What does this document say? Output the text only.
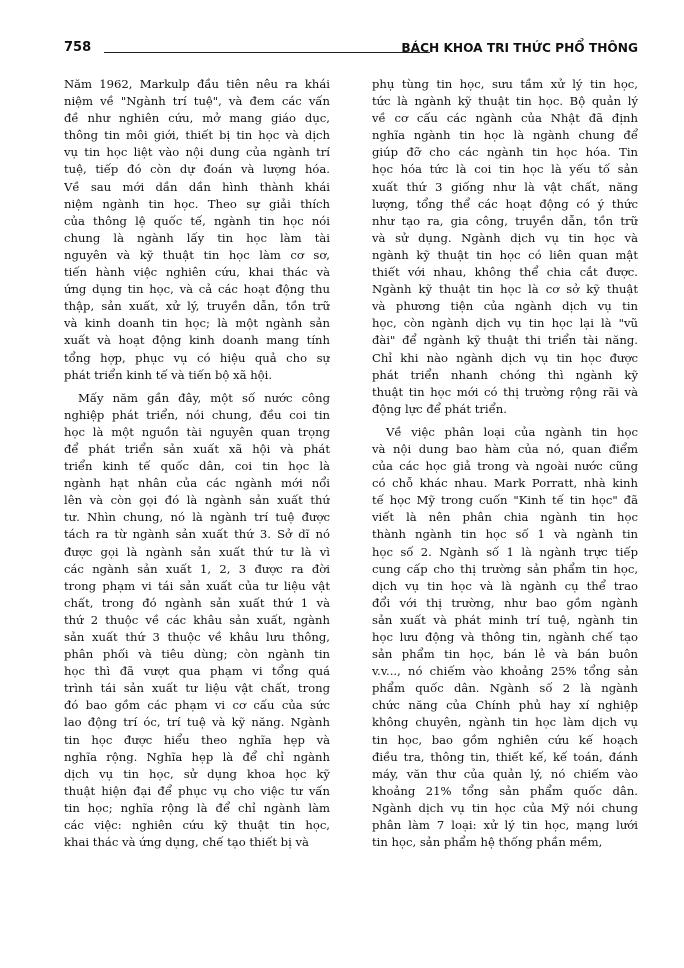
758	BÁCH KHOA TRI THỨC PHỔ THÔNG
Năm 1962, Markulp đầu tiên nêu ra khái
niệm về "Ngành trí tuệ", và đem các vấn
đề như nghiên cứu, mở mang giáo dục,
thông tin môi giới, thiết bị tin học và dịch
vụ tin học liệt vào nội dung của ngành trí
tuệ, tiếp đó còn dự đoán và lượng hóa.
Về sau mới dần dần hình thành khái
niệm ngành tin học. Theo sự giải thích
của thông lệ quốc tế, ngành tin học nói
chung là ngành lấy tin học làm tài
nguyên và kỹ thuật tin học làm cơ sơ,
tiến hành việc nghiên cứu, khai thác và
ứng dụng tin học, và cả các hoạt động thu
thập, sản xuất, xử lý, truyền dẫn, tồn trữ
và kinh doanh tin học; là một ngành sản
xuất và hoạt động kinh doanh mang tính
tổng hợp, phục vụ có hiệu quả cho sự
phát triển kinh tế và tiến bộ xã hội.
Mấy năm gần đây, một số nước công
nghiệp phát triển, nói chung, đều coi tin
học là một nguồn tài nguyên quan trọng
để phát triển sản xuất xã hội và phát
triển kinh tế quốc dân, coi tin học là
ngành hạt nhân của các ngành mới nổi
lên và còn gọi đó là ngành sản xuất thứ
tư. Nhìn chung, nó là ngành trí tuệ được
tách ra từ ngành sản xuất thứ 3. Sở dĩ nó
được gọi là ngành sản xuất thứ tư là vì
các ngành sản xuất 1, 2, 3 được ra đời
trong phạm vi tái sản xuất của tư liệu vật
chất, trong đó ngành sản xuất thứ 1 và
thứ 2 thuộc về các khâu sản xuất, ngành
sản xuất thứ 3 thuộc về khâu lưu thông,
phân phối và tiêu dùng; còn ngành tin
học thì đã vượt qua phạm vi tổng quá
trình tái sản xuất tư liệu vật chất, trong
đó bao gồm các phạm vi cơ cấu của sức
lao động trí óc, trí tuệ và kỹ năng. Ngành
tin học được hiểu theo nghĩa hẹp và
nghĩa rộng. Nghĩa hẹp là để chỉ ngành
dịch vụ tin học, sử dụng khoa học kỹ
thuật hiện đại để phục vụ cho việc tư vấn
tin học; nghĩa rộng là để chỉ ngành làm
các việc: nghiên cứu kỹ thuật tin học,
khai thác và ứng dụng, chế tạo thiết bị và
phụ tùng tin học, sưu tầm xử lý tin học,
tức là ngành kỹ thuật tin học. Bộ quản lý
về cơ cấu các ngành của Nhật đã định
nghĩa ngành tin học là ngành chung để
giúp đỡ cho các ngành tin học hóa. Tin
học hóa tức là coi tin học là yếu tố sản
xuất thứ 3 giống như là vật chất, năng
lượng, tổng thể các hoạt động có ý thức
như tạo ra, gia công, truyền dẫn, tồn trữ
và sử dụng. Ngành dịch vụ tin học và
ngành kỹ thuật tin học có liên quan mật
thiết với nhau, không thể chia cắt được.
Ngành kỹ thuật tin học là cơ sở kỹ thuật
và phương tiện của ngành dịch vụ tin
học, còn ngành dịch vụ tin học lại là "vũ
đài" để ngành kỹ thuật thi triển tài năng.
Chỉ khi nào ngành dịch vụ tin học được
phát triển nhanh chóng thì ngành kỹ
thuật tin học mới có thị trường rộng rãi và
động lực để phát triển.
Về việc phân loại của ngành tin học
và nội dung bao hàm của nó, quan điểm
của các học giả trong và ngoài nước cũng
có chỗ khác nhau. Mark Porratt, nhà kinh
tế học Mỹ trong cuốn "Kinh tế tin học" đã
viết là nên phân chia ngành tin học
thành ngành tin học số 1 và ngành tin
học số 2. Ngành số 1 là ngành trực tiếp
cung cấp cho thị trường sản phẩm tin học,
dịch vụ tin học và là ngành cụ thể trao
đổi với thị trường, như bao gồm ngành
sản xuất và phát minh trí tuệ, ngành tin
học lưu động và thông tin, ngành chế tạo
sản phẩm tin học, bán lẻ và bán buôn
v.v..., nó chiếm vào khoảng 25% tổng sản
phẩm quốc dân. Ngành số 2 là ngành
chức năng của Chính phủ hay xí nghiệp
không chuyên, ngành tin học làm dịch vụ
tin học, bao gồm nghiên cứu kế hoạch
điều tra, thông tin, thiết kế, kế toán, đánh
máy, văn thư của quản lý, nó chiếm vào
khoảng 21% tổng sản phẩm quốc dân.
Ngành dịch vụ tin học của Mỹ nói chung
phân làm 7 loại: xử lý tin học, mạng lưới
tin học, sản phẩm hệ thống phần mềm,
